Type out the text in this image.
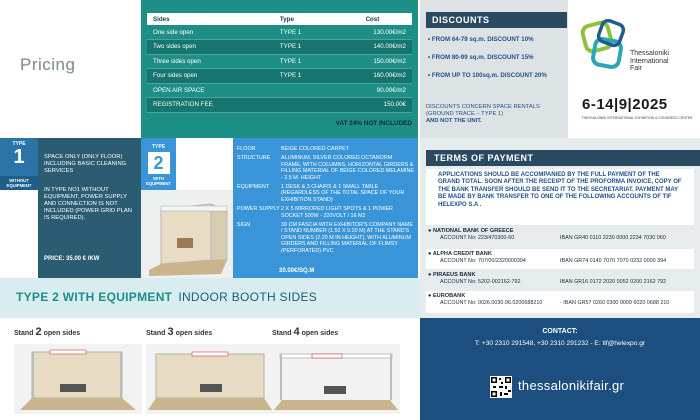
Pricing
Sides	Type	Cost
One side open	TYPE 1	130.00€/m2
Two sides open	TYPE 1	140.00€/m2
Three sides open	TYPE 1	150.00€/m2
Four sides open	TYPE 1	160.00€/m2
OPEN AIR SPACE		90.00€/m2
REGISTRATION FEE		150.00€
VAT 24% NOT INCLUDED
DISCOUNTS
• FROM 64-79 sq.m. DISCOUNT 10%
• FROM 80-99 sq.m. DISCOUNT 15%
• FROM UP TO 100sq.m. DISCOUNT 20%
DISCOUNTS CONCERN SPACE RENTALS (GROUND TRACE – TYPE 1)
AND NOT THE UNIT.
Thessaloniki
International
Fair
6-14|9|2025
THESSALONIKI INTERNATIONAL EXHIBITION & CONGRESS CENTER
TYPE
1
WITHOUT EQUIPMENT
SPACE ONLY (ONLY FLOOR) INCLUDING BASIC CLEANING SERVICES
IN TYPE NO1 WITHOUT EQUIPMENT, POWER SUPPLY AND CONNECTION IS NOT INCLUDED (POWER GRID PLAN IS REQUIRED).
PRICE: 35.00 € /KW
TYPE
2
WITH EQUIPMENT
FLOOR	BEIGE COLORED CARPET
STRUCTURE	ALUMINUM, SILVER COLORED OCTANORM FRAME, WITH COLUMNS, HORIZONTAL GIRDERS & FILLING MATERIAL OF BEIGE COLORED MELAMINE - 2.5 M. HEIGHT
EQUIPMENT	1 DESK & 3 CHAIRS & 1 SMALL TABLE (REGARDLESS OF THE TOTAL SPACE OF YOUR EXHIBITION STAND)
POWER SUPPLY 2 X 5 MIRRORED LIGHT SPOTS & 1 POWER SOCKET 500W - 220VOLT / 16 M2
SIGN	30 CM FASCIA WITH EXHIBITOR'S COMPANY NAME / STAND NUMBER (1.52 X 0.20 M) AT THE STAND'S OPEN SIDES (2.20 M IN HEIGHT), WITH ALUMINUM GIRDERS AND FILLING MATERIAL OF FLIMSY (PERFORATED) PVC
30.00€/SQ.M
TERMS OF PAYMENT
APPLICATIONS SHOULD BE ACCOMPANIED BY THE FULL PAYMENT OF THE GRAND TOTAL. SOON AFTER THE RECEIPT OF THE PROFORMA INVOICE, COPY OF THE BANK TRANSFER SHOULD BE SEND IT TO THE SECRETARIAT. PAYMENT MAY BE MADE BY BANK TRANSFER TO ONE OF THE FOLLOWING ACCOUNTS OF TIF HELEXPO S.A .
● NATIONAL BANK OF GREECE
ACCOUNT No: 223/470300-60	IBAN GR40 0110 2230 0000 2234 7030 060
● ALPHA CREDIT BANK
ACCOUNT No: 707/00/2320000394	IBAN GR74 0140 7070 7070 0232 0000 394
● PIRAEUS BANK
ACCOUNT No: 5202-002162-792	IBAN GR16 0172 2020 0052 0200 2162 792
● EUROBANK
ACCOUNT No: 0026.0030.96.0200688210	- IBAN GR57 0260 0300 0009 6020 0688 210
TYPE 2 WITH EQUIPMENT INDOOR BOOTH SIDES
Stand 2 open sides	Stand 3 open sides	Stand 4 open sides	CONTACT:
T: +30 2310 291548, +30 2310 291232 - E: tif@helexpo.gr
thessalonikifair.gr
